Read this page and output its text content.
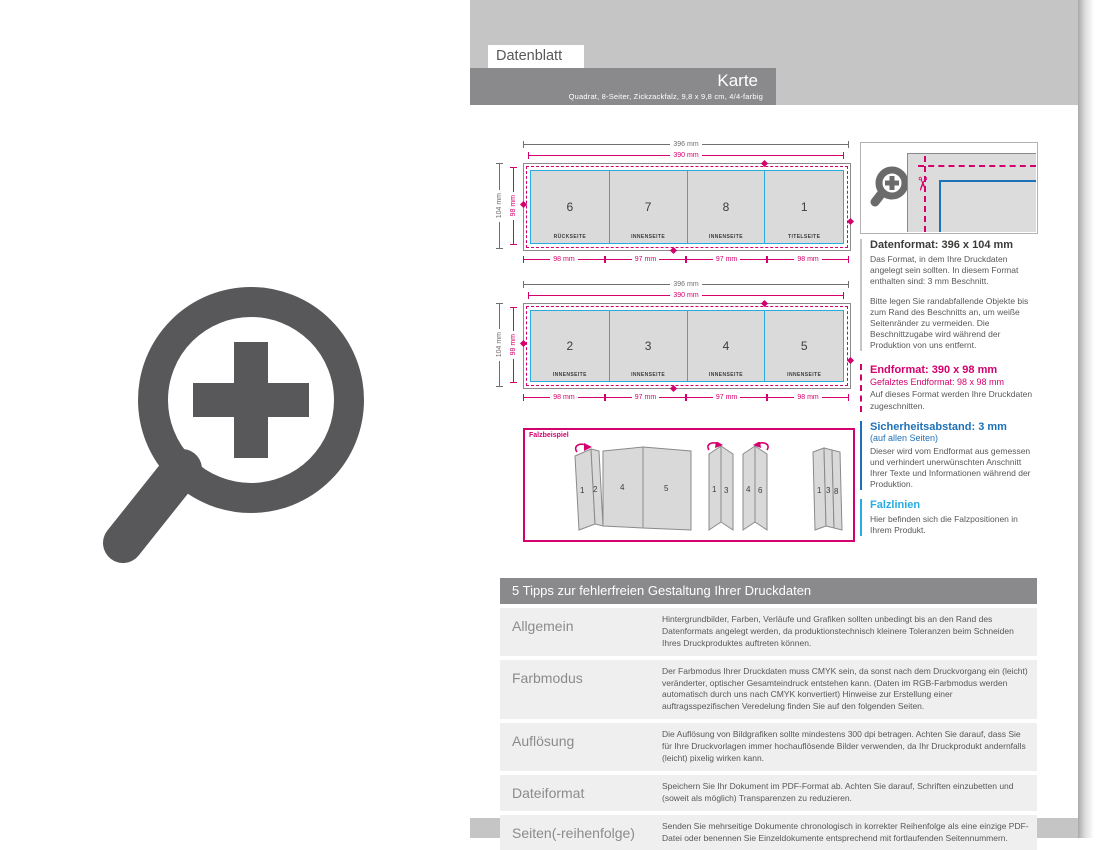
Datenblatt
Karte
Quadrat, 8-Seiter, Zickzackfalz, 9,8 x 9,8 cm, 4/4-farbig
396 mm
390 mm
104 mm 98 mm	6
RÜCKSEITE
7
INNENSEITE
8
INNENSEITE
1
TITELSEITE
98 mm	97 mm	97 mm	98 mm
396 mm
390 mm
104 mm 98 mm	2
INNENSEITE
3
INNENSEITE
4
INNENSEITE
5
INNENSEITE
98 mm	97 mm	97 mm	98 mm
Falzbeispiel
1 2	4	5	1 3 4 6	1 3 8
✂
Datenformat: 396 x 104 mm

Das Format, in dem Ihre Druckdaten angelegt sein sollten. In diesem Format enthalten sind: 3 mm Beschnitt.

Bitte legen Sie randabfallende Objekte bis zum Rand des Beschnitts an, um weiße Seitenränder zu vermeiden. Die Beschnittzugabe wird während der Produktion von uns entfernt.

Endformat: 390 x 98 mm
Gefalztes Endformat: 98 x 98 mm

Auf dieses Format werden Ihre Druckdaten zugeschnitten.

Sicherheitsabstand: 3 mm
(auf allen Seiten)

Dieser wird vom Endformat aus gemessen und verhindert unerwünschten Anschnitt Ihrer Texte und Informationen während der Produktion.

Falzlinien

Hier befinden sich die Falzpositionen in Ihrem Produkt.

5 Tipps zur fehlerfreien Gestaltung Ihrer Druckdaten
Allgemein	Hintergrundbilder, Farben, Verläufe und Grafiken sollten unbedingt bis an den Rand des Datenformats angelegt werden, da produktionstechnisch kleinere Toleranzen beim Schneiden Ihres Druckproduktes auftreten können.
Farbmodus	Der Farbmodus Ihrer Druckdaten muss CMYK sein, da sonst nach dem Druckvorgang ein (leicht) veränderter, optischer Gesamteindruck entstehen kann. (Daten im RGB-Farbmodus werden automatisch durch uns nach CMYK konvertiert) Hinweise zur Erstellung einer auftragsspezifischen Veredelung finden Sie auf den folgenden Seiten.
Auflösung	Die Auflösung von Bildgrafiken sollte mindestens 300 dpi betragen. Achten Sie darauf, dass Sie für Ihre Druckvorlagen immer hochauflösende Bilder verwenden, da Ihr Druckprodukt andernfalls (leicht) pixelig wirken kann.
Dateiformat	Speichern Sie Ihr Dokument im PDF-Format ab. Achten Sie darauf, Schriften einzubetten und (soweit als möglich) Transparenzen zu reduzieren.
Seiten(-reihenfolge)	Senden Sie mehrseitige Dokumente chronologisch in korrekter Reihenfolge als eine einzige PDF-Datei oder benennen Sie Einzeldokumente entsprechend mit fortlaufenden Seitennummern.
